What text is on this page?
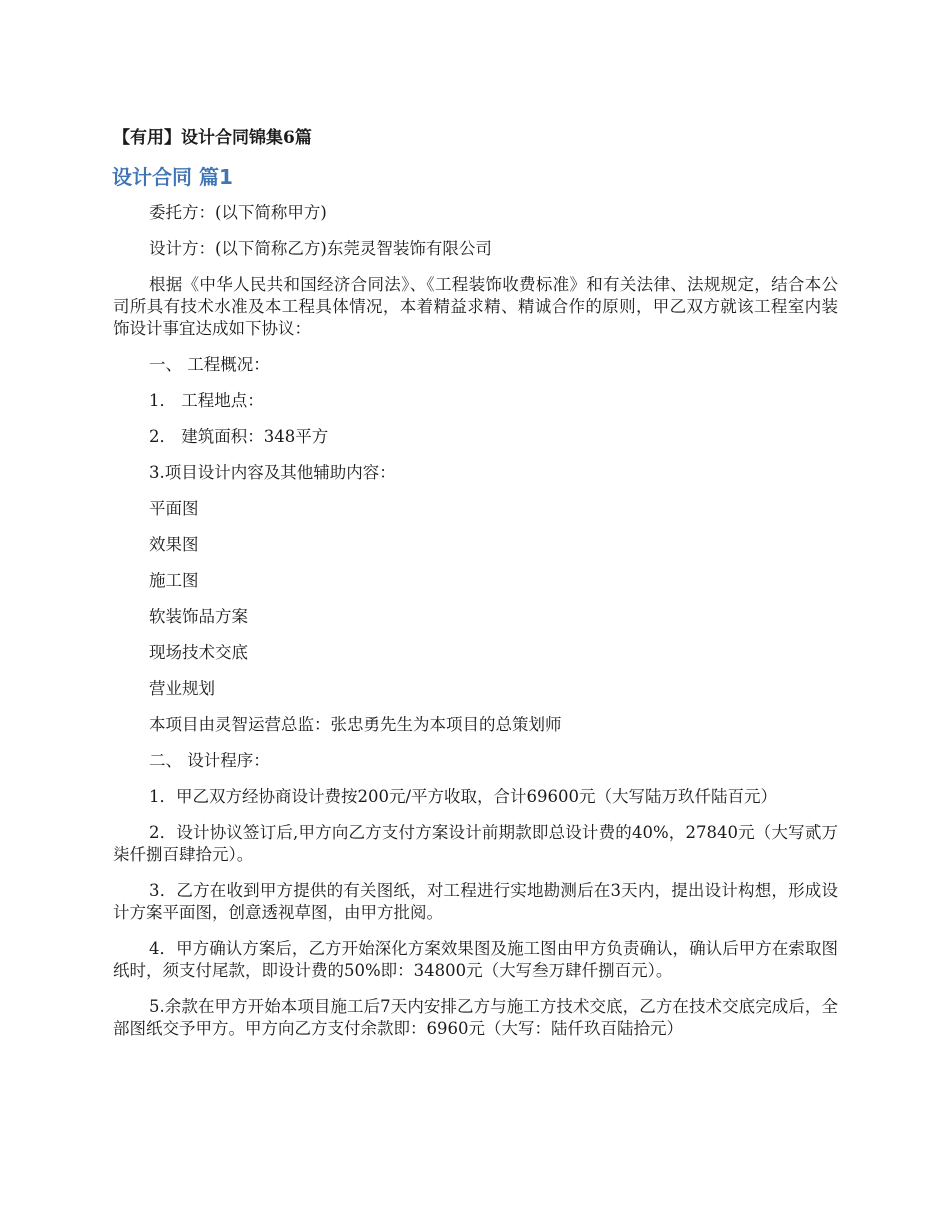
【有用】设计合同锦集6篇
设计合同 篇1

委托方：(以下简称甲方)

设计方：(以下简称乙方)东莞灵智装饰有限公司

根据《中华人民共和国经济合同法》、《工程装饰收费标准》和有关法律、法规规定，结合本公司所具有技术水准及本工程具体情况，本着精益求精、精诚合作的原则，甲乙双方就该工程室内装饰设计事宜达成如下协议：

一、 工程概况：

1． 工程地点：

2． 建筑面积：348平方

3.项目设计内容及其他辅助内容：

平面图

效果图

施工图

软装饰品方案

现场技术交底

营业规划

本项目由灵智运营总监：张忠勇先生为本项目的总策划师

二、 设计程序：

1．甲乙双方经协商设计费按200元/平方收取，合计69600元（大写陆万玖仟陆百元）

2．设计协议签订后,甲方向乙方支付方案设计前期款即总设计费的40%，27840元（大写贰万柒仟捌百肆拾元）。

3．乙方在收到甲方提供的有关图纸，对工程进行实地勘测后在3天内，提出设计构想，形成设计方案平面图，创意透视草图，由甲方批阅。

4．甲方确认方案后，乙方开始深化方案效果图及施工图由甲方负责确认，确认后甲方在索取图纸时，须支付尾款，即设计费的50%即：34800元（大写叁万肆仟捌百元）。

5.余款在甲方开始本项目施工后7天内安排乙方与施工方技术交底，乙方在技术交底完成后，全部图纸交予甲方。甲方向乙方支付余款即：6960元（大写：陆仟玖百陆拾元）
